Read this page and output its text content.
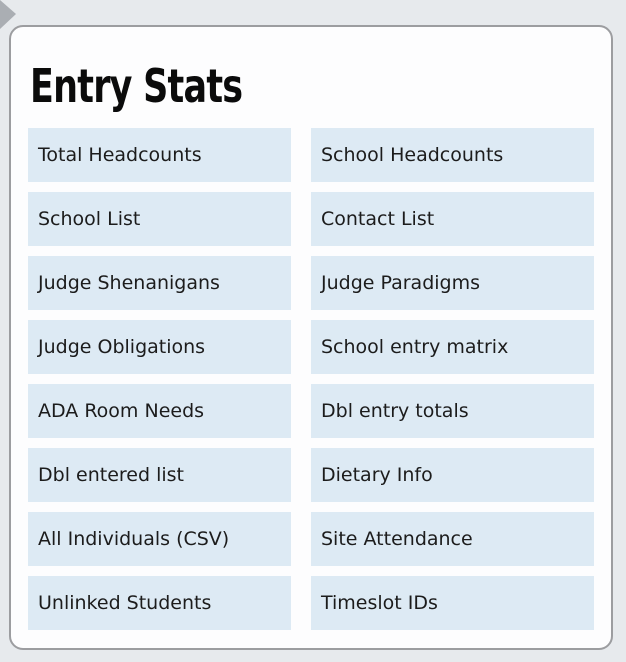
Entry Stats
Total Headcounts	School Headcounts
School List	Contact List
Judge Shenanigans	Judge Paradigms
Judge Obligations	School entry matrix
ADA Room Needs	Dbl entry totals
Dbl entered list	Dietary Info
All Individuals (CSV)	Site Attendance
Unlinked Students	Timeslot IDs
